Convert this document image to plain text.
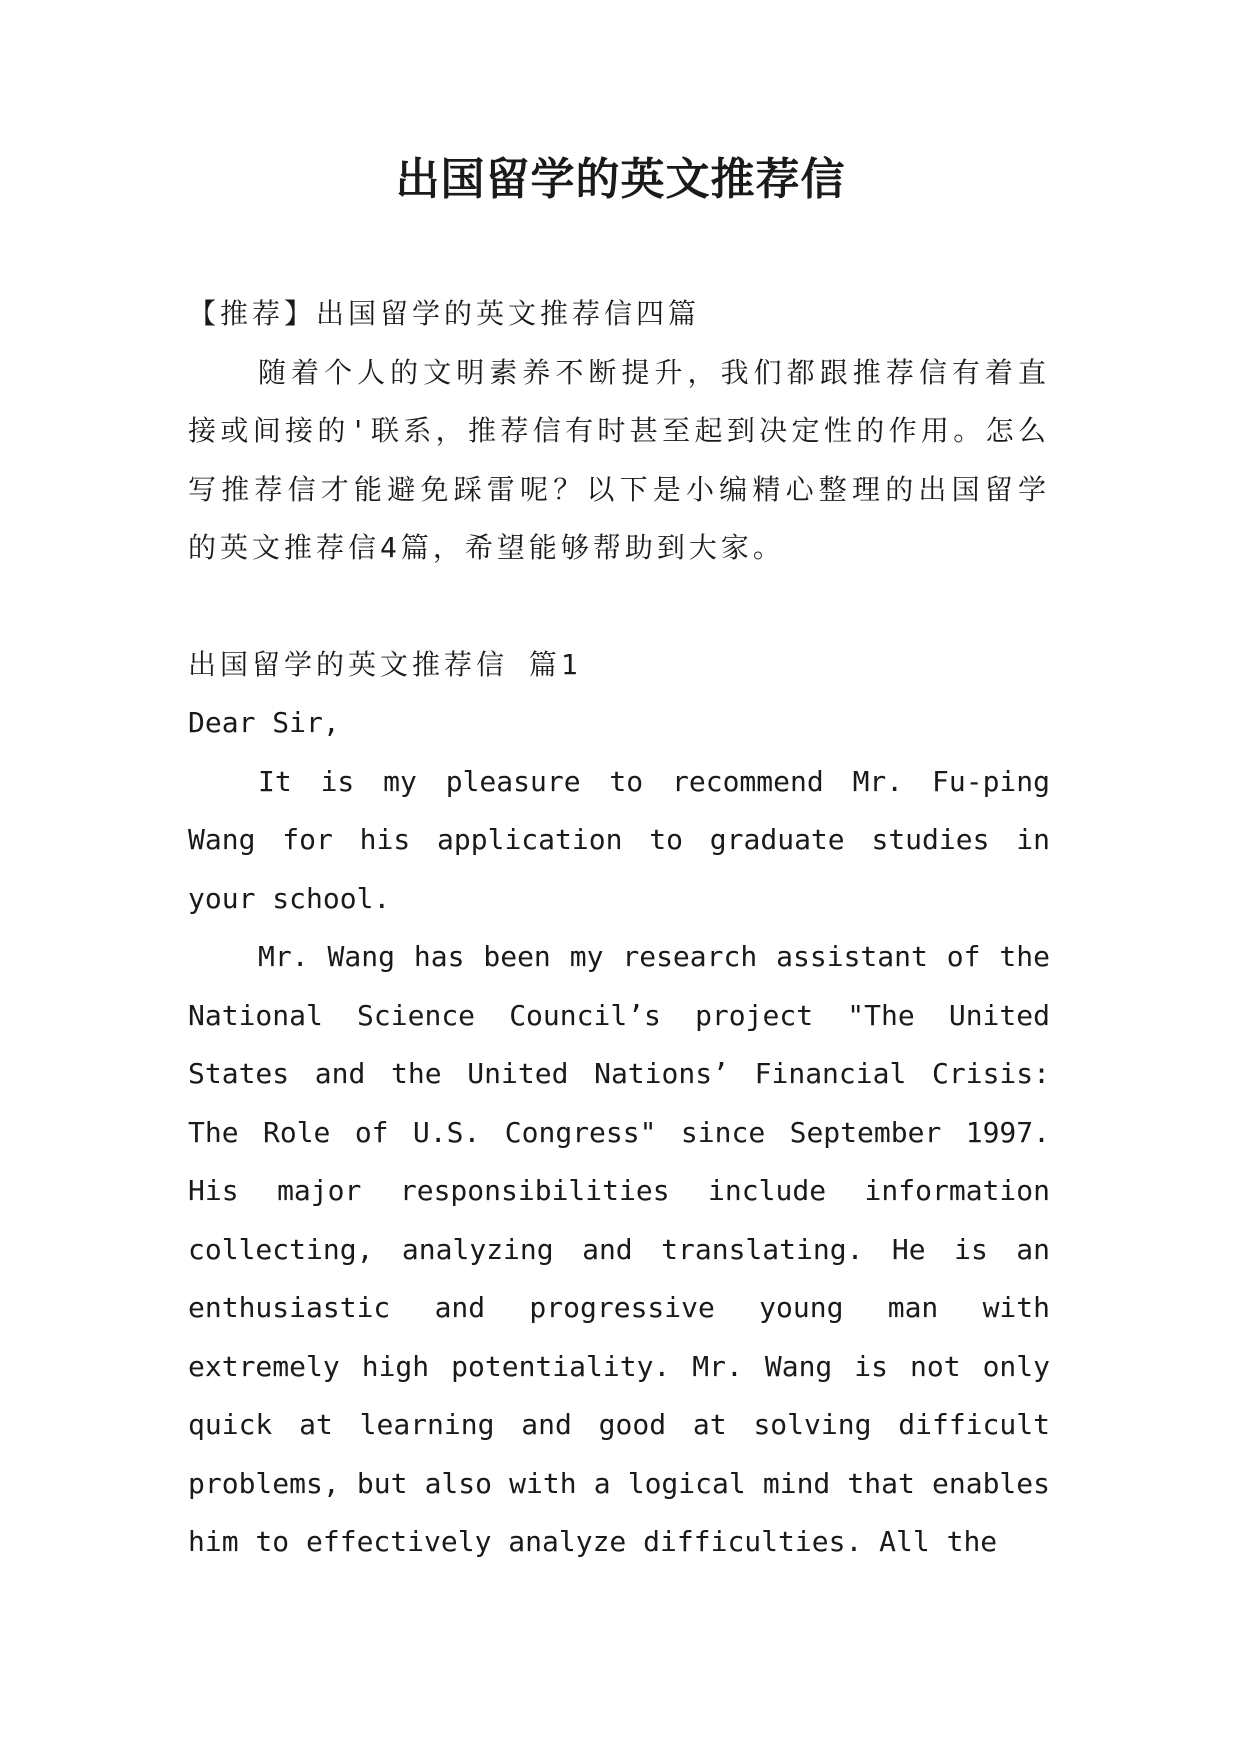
出国留学的英文推荐信

【推荐】出国留学的英文推荐信四篇

随着个人的文明素养不断提升，我们都跟推荐信有着直接或间接的'联系，推荐信有时甚至起到决定性的作用。怎么写推荐信才能避免踩雷呢？以下是小编精心整理的出国留学的英文推荐信4篇，希望能够帮助到大家。

出国留学的英文推荐信 篇1

Dear Sir,

It is my pleasure to recommend Mr. Fu-ping Wang for his application to graduate studies in your school.

Mr. Wang has been my research assistant of the National Science Council’s project "The United States and the United Nations’ Financial Crisis: The Role of U.S. Congress" since September 1997. His major responsibilities include information collecting, analyzing and translating. He is an enthusiastic and progressive young man with extremely high potentiality. Mr. Wang is not only quick at learning and good at solving difficult problems, but also with a logical mind that enables him to effectively analyze difficulties. All the
